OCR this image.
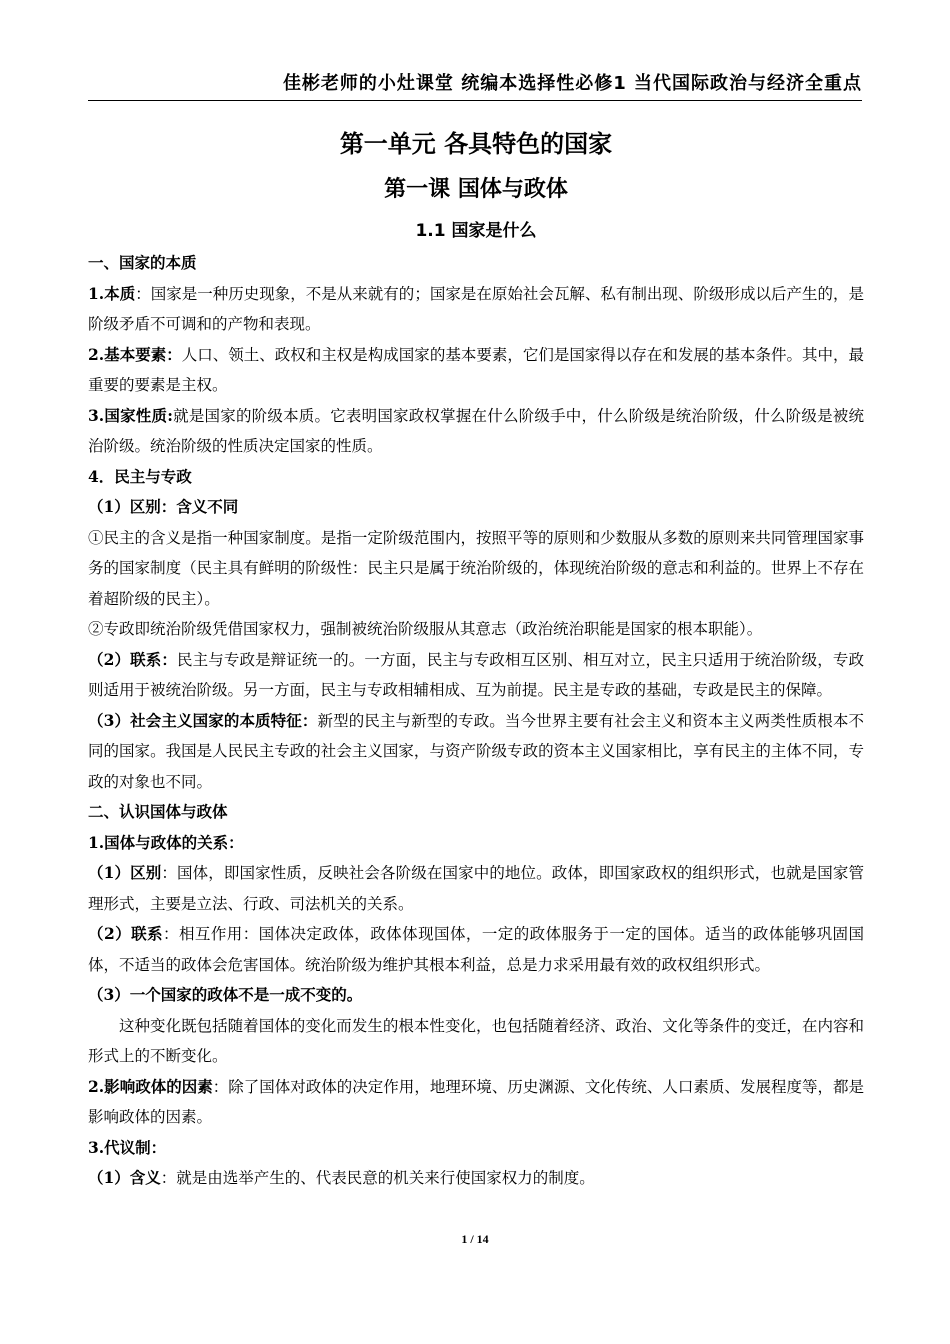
佳彬老师的小灶课堂 统编本选择性必修1 当代国际政治与经济全重点
第一单元 各具特色的国家
第一课 国体与政体
1.1 国家是什么

一、国家的本质

1.本质：国家是一种历史现象，不是从来就有的；国家是在原始社会瓦解、私有制出现、阶级形成以后产生的，是阶级矛盾不可调和的产物和表现。

2.基本要素：人口、领土、政权和主权是构成国家的基本要素，它们是国家得以存在和发展的基本条件。其中，最重要的要素是主权。

3.国家性质:就是国家的阶级本质。它表明国家政权掌握在什么阶级手中，什么阶级是统治阶级，什么阶级是被统治阶级。统治阶级的性质决定国家的性质。

4．民主与专政

（1）区别：含义不同

①民主的含义是指一种国家制度。是指一定阶级范围内，按照平等的原则和少数服从多数的原则来共同管理国家事务的国家制度（民主具有鲜明的阶级性：民主只是属于统治阶级的，体现统治阶级的意志和利益的。世界上不存在着超阶级的民主）。

②专政即统治阶级凭借国家权力，强制被统治阶级服从其意志（政治统治职能是国家的根本职能）。

（2）联系：民主与专政是辩证统一的。一方面，民主与专政相互区别、相互对立，民主只适用于统治阶级，专政则适用于被统治阶级。另一方面，民主与专政相辅相成、互为前提。民主是专政的基础，专政是民主的保障。

（3）社会主义国家的本质特征：新型的民主与新型的专政。当今世界主要有社会主义和资本主义两类性质根本不同的国家。我国是人民民主专政的社会主义国家，与资产阶级专政的资本主义国家相比，享有民主的主体不同，专政的对象也不同。

二、认识国体与政体

1.国体与政体的关系：

（1）区别：国体，即国家性质，反映社会各阶级在国家中的地位。政体，即国家政权的组织形式，也就是国家管理形式，主要是立法、行政、司法机关的关系。

（2）联系：相互作用：国体决定政体，政体体现国体，一定的政体服务于一定的国体。适当的政体能够巩固国体，不适当的政体会危害国体。统治阶级为维护其根本利益，总是力求采用最有效的政权组织形式。

（3）一个国家的政体不是一成不变的。

这种变化既包括随着国体的变化而发生的根本性变化，也包括随着经济、政治、文化等条件的变迁，在内容和形式上的不断变化。

2.影响政体的因素：除了国体对政体的决定作用，地理环境、历史渊源、文化传统、人口素质、发展程度等，都是影响政体的因素。

3.代议制：

（1）含义：就是由选举产生的、代表民意的机关来行使国家权力的制度。

1 / 14
